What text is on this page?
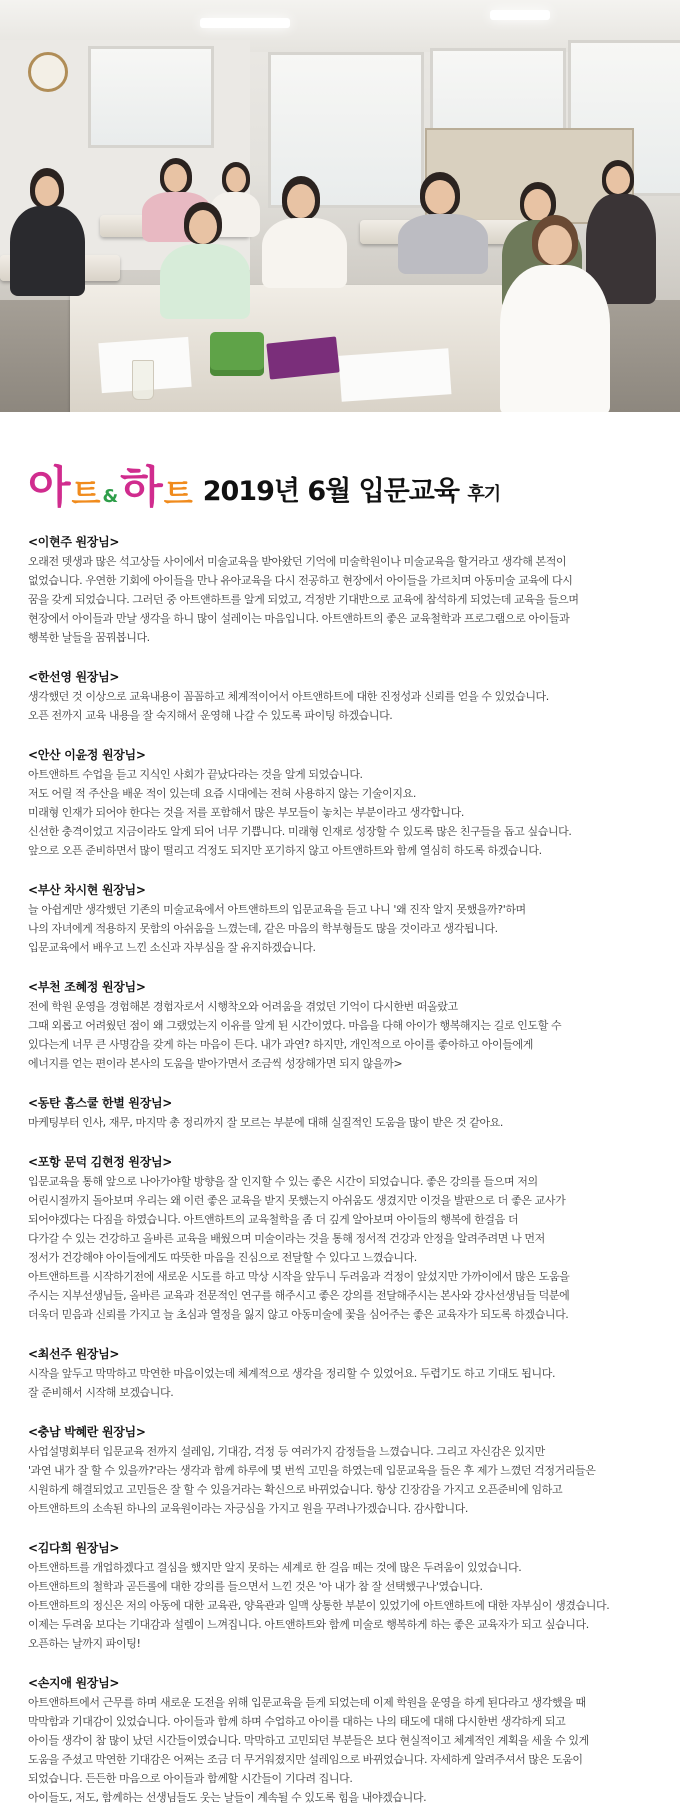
아 트 & 하 트 2019년 6월 입문교육 후기
<이현주 원장님>
오래전 뎃생과 많은 석고상들 사이에서 미술교육을 받아왔던 기억에 미술학원이나 미술교육을 할거라고 생각해 본적이
없었습니다. 우연한 기회에 아이들을 만나 유아교육을 다시 전공하고 현장에서 아이들을 가르치며 아동미술 교육에 다시
꿈을 갖게 되었습니다. 그러던 중 아트앤하트를 알게 되었고, 걱정반 기대반으로 교육에 참석하게 되었는데 교육을 들으며
현장에서 아이들과 만날 생각을 하니 많이 설레이는 마음입니다. 아트앤하트의 좋은 교육철학과 프로그램으로 아이들과
행복한 날들을 꿈꿔봅니다.
<한선영 원장님>
생각했던 것 이상으로 교육내용이 꼼꼼하고 체계적이어서 아트앤하트에 대한 진정성과 신뢰를 얻을 수 있었습니다.
오픈 전까지 교육 내용을 잘 숙지해서 운영해 나갈 수 있도록 파이팅 하겠습니다.
<안산 이윤정 원장님>
아트앤하트 수업을 듣고 지식인 사회가 끝났다라는 것을 알게 되었습니다.
저도 어릴 적 주산을 배운 적이 있는데 요즘 시대에는 전혀 사용하지 않는 기술이지요.
미래형 인재가 되어야 한다는 것을 저를 포함해서 많은 부모들이 놓치는 부분이라고 생각합니다.
신선한 충격이었고 지금이라도 알게 되어 너무 기쁩니다. 미래형 인재로 성장할 수 있도록 많은 친구들을 돕고 싶습니다.
앞으로 오픈 준비하면서 많이 떨리고 걱정도 되지만 포기하지 않고 아트앤하트와 함께 열심히 하도록 하겠습니다.
<부산 차시현 원장님>
늘 아쉽게만 생각했던 기존의 미술교육에서 아트앤하트의 입문교육을 듣고 나니 '왜 진작 알지 못했을까?'하며
나의 자녀에게 적용하지 못함의 아쉬움을 느꼈는데, 같은 마음의 학부형들도 많을 것이라고 생각됩니다.
입문교육에서 배우고 느낀 소신과 자부심을 잘 유지하겠습니다.
<부천 조혜정 원장님>
전에 학원 운영을 경험해본 경험자로서 시행착오와 어려움을 겪었던 기억이 다시한번 떠올랐고
그때 외롭고 어려웠던 점이 왜 그랬었는지 이유를 알게 된 시간이였다. 마음을 다해 아이가 행복해지는 길로 인도할 수
있다는게 너무 큰 사명감을 갖게 하는 마음이 든다. 내가 과연? 하지만, 개인적으로 아이를 좋아하고 아이들에게
에너지를 얻는 편이라 본사의 도움을 받아가면서 조금씩 성장해가면 되지 않을까>
<동탄 홈스쿨 한별 원장님>
마케팅부터 인사, 재무, 마지막 총 정리까지 잘 모르는 부분에 대해 실질적인 도움을 많이 받은 것 같아요.
<포항 문덕 김현정 원장님>
입문교육을 통해 앞으로 나아가야할 방향을 잘 인지할 수 있는 좋은 시간이 되었습니다. 좋은 강의를 들으며 저의
어린시절까지 돌아보며 우리는 왜 이런 좋은 교육을 받지 못했는지 아쉬움도 생겼지만 이것을 발판으로 더 좋은 교사가
되어야겠다는 다짐을 하였습니다. 아트앤하트의 교육철학을 좀 더 깊게 알아보며 아이들의 행복에 한걸음 더
다가갈 수 있는 건강하고 올바른 교육을 배웠으며 미술이라는 것을 통해 정서적 건강과 안정을 알려주려면 나 먼저
정서가 건강해야 아이들에게도 따뜻한 마음을 진심으로 전달할 수 있다고 느꼈습니다.
아트앤하트를 시작하기전에 새로운 시도를 하고 막상 시작을 앞두니 두려움과 걱정이 앞섰지만 가까이에서 많은 도움을
주시는 지부선생님들, 올바른 교육과 전문적인 연구를 해주시고 좋은 강의를 전달해주시는 본사와 강사선생님들 덕분에
더욱더 믿음과 신뢰를 가지고 늘 초심과 열정을 잃지 않고 아동미술에 꽃을 심어주는 좋은 교육자가 되도록 하겠습니다.
<최선주 원장님>
시작을 앞두고 막막하고 막연한 마음이었는데 체계적으로 생각을 정리할 수 있었어요. 두렵기도 하고 기대도 됩니다.
잘 준비해서 시작해 보겠습니다.
<충남 박혜란 원장님>
사업설명회부터 입문교육 전까지 설레임, 기대감, 걱정 등 여러가지 감정들을 느꼈습니다. 그리고 자신감은 있지만
'과연 내가 잘 할 수 있을까?'라는 생각과 함께 하루에 몇 번씩 고민을 하였는데 입문교육을 들은 후 제가 느꼈던 걱정거리들은
시원하게 해결되었고 고민들은 잘 할 수 있을거라는 확신으로 바뀌었습니다. 항상 긴장감을 가지고 오픈준비에 임하고
아트앤하트의 소속된 하나의 교육원이라는 자긍심을 가지고 원을 꾸려나가겠습니다. 감사합니다.
<김다희 원장님>
아트앤하트를 개업하겠다고 결심을 했지만 알지 못하는 세계로 한 걸음 떼는 것에 많은 두려움이 있었습니다.
아트앤하트의 철학과 곧든롤에 대한 강의를 들으면서 느낀 것은 '아 내가 참 잘 선택했구나'였습니다.
아트앤하트의 정신은 저의 아동에 대한 교육관, 양육관과 일맥 상통한 부분이 있었기에 아트앤하트에 대한 자부심이 생겼습니다.
이제는 두려움 보다는 기대감과 설렘이 느껴집니다. 아트앤하트와 함께 미술로 행복하게 하는 좋은 교육자가 되고 싶습니다.
오픈하는 날까지 파이팅!
<손지애 원장님>
아트앤하트에서 근무를 하며 새로운 도전을 위해 입문교육을 듣게 되었는데 이제 학원을 운영을 하게 된다라고 생각했을 때
막막함과 기대감이 있었습니다. 아이들과 함께 하며 수업하고 아이를 대하는 나의 태도에 대해 다시한번 생각하게 되고
아이들 생각이 참 많이 났던 시간들이였습니다. 막막하고 고민되던 부분들은 보다 현실적이고 체계적인 계획을 세울 수 있게
도움을 주셨고 막연한 기대감은 어쩌는 조금 더 무거워졌지만 설레임으로 바뀌었습니다. 자세하게 알려주셔서 많은 도움이
되었습니다. 든든한 마음으로 아이들과 함께할 시간들이 기다려 집니다.
아이들도, 저도, 함께하는 선생님들도 웃는 날들이 계속될 수 있도록 힘을 내야겠습니다.
